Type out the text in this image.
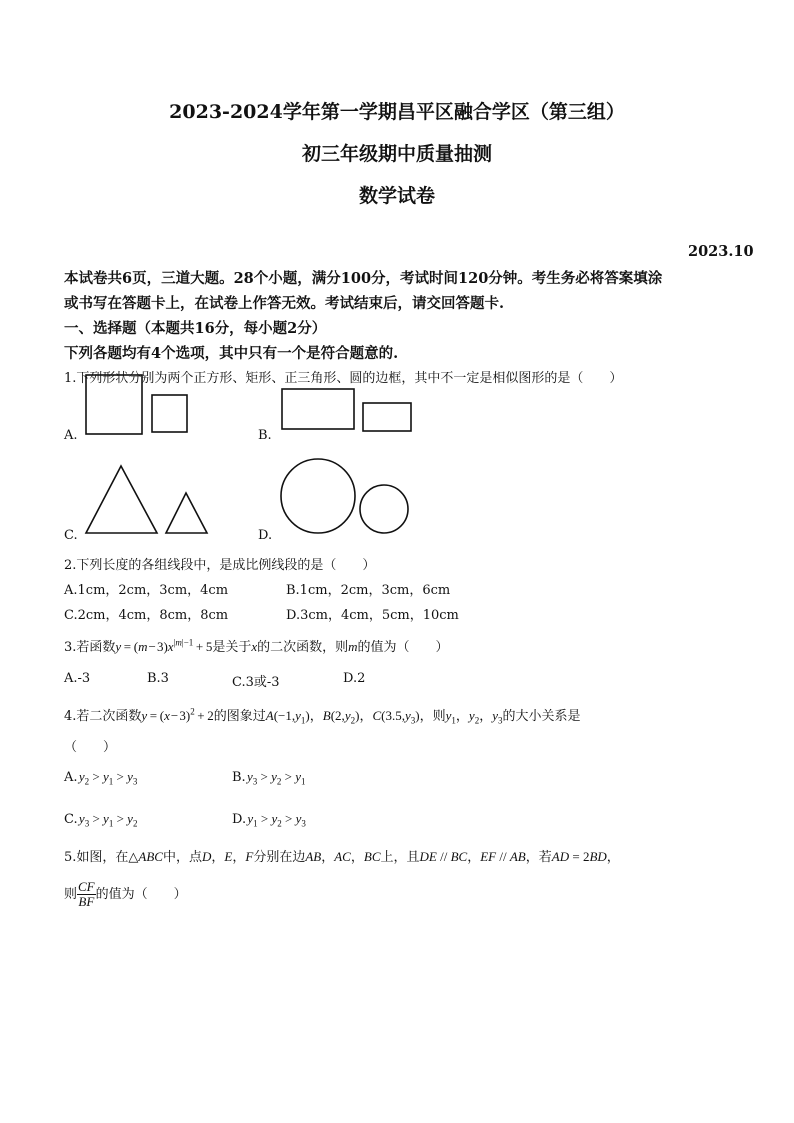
2023-2024学年第一学期昌平区融合学区（第三组）
初三年级期中质量抽测
数学试卷
2023.10
本试卷共6页，三道大题。28个小题，满分100分，考试时间120分钟。考生务必将答案填涂
或书写在答题卡上，在试卷上作答无效。考试结束后，请交回答题卡.
一、选择题（本题共16分，每小题2分）
下列各题均有4个选项，其中只有一个是符合题意的.
1.下列形状分别为两个正方形、矩形、正三角形、圆的边框，其中不一定是相似图形的是（　　）
A.	B.
C.	D.
2.下列长度的各组线段中，是成比例线段的是（　　）
A.1cm，2cm，3cm，4cm	B.1cm，2cm，3cm，6cm
C.2cm，4cm，8cm，8cm	D.3cm，4cm，5cm，10cm
3.若函数y = (m − $3)x^{|m|-1} + 5$是关于x的二次函数，则m的值为（　　）
A.-3	B.3	C.3或-3	D.2
4.若二次函数y = (x − 3)$^2$ + 2的图象过$A(-1,y_1)$，$B(2,y_2)$，$C(3.5,y_3)$，则$y_1$，$y_2$，$y_3$的大小关系是
（　　）
A. $y_2 > y_1 > y_3$	B. $y_3 > y_2 > y_1$
C. $y_3 > y_1 > y_2$	D. $y_1 > y_2 > y_3$
5.如图，在△ABC中，点D，E，F分别在边AB，AC，BC上，且DE // BC，EF // AB，若AD = 2BD，
则 $\frac{CF}{BF}$ 的值为（　　）
